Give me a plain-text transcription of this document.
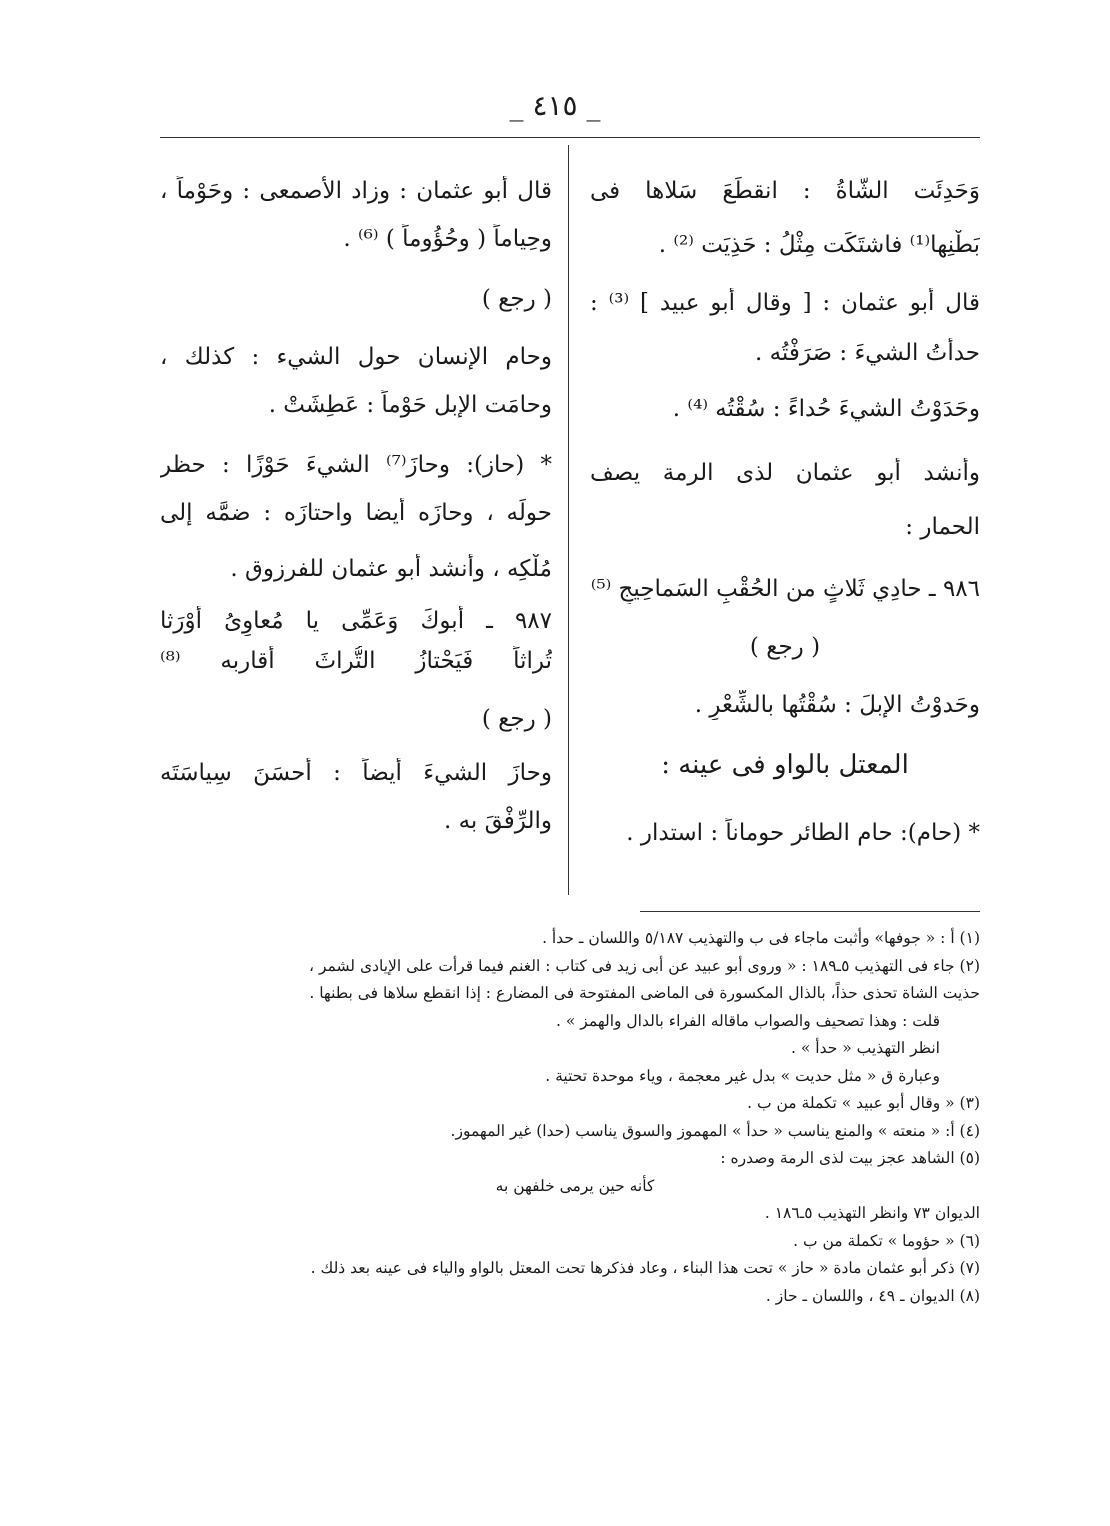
_ ٤١٥ _
وَحَدِئَت الشّاةُ : انقطَعَ سَلاها فى
بَطْنِها⁽¹⁾ فاشتَكَت مِثْلُ : حَذِيَت ⁽²⁾ .
قال أبو عثمان : [ وقال أبو عبيد ] ⁽³⁾ :
حدأتُ الشيءَ : صَرَفْتُه .
وحَدَوْتُ الشيءَ حُداءً : سُقْتُه ⁽⁴⁾ .
وأنشد أبو عثمان لذى الرمة يصف
الحمار :
٩٨٦ ـ حادِي ثَلاثٍ من الحُقْبِ السَماحِيجِ ⁽⁵⁾
( رجع )
وحَدوْتُ الإبلَ : سُقْتُها بالشِّعْرِ .
المعتل بالواو فى عينه :
* (حام): حام الطائر حوماناً : استدار .
قال أبو عثمان : وزاد الأصمعى : وحَوْماً ،
وحِياماً ( وحُؤُوماً ) ⁽⁶⁾ .
( رجع )
وحام الإنسان حول الشيء : كذلك ،
وحامَت الإبل حَوْماً : عَطِشَتْ .
* (حاز): وحازَ⁽⁷⁾ الشيءَ حَوْزًا : حظر
حولَه ، وحازَه أيضا واحتازَه : ضمَّه إلى
مُلْكِه ، وأنشد أبو عثمان للفرزوق .
٩٨٧ ـ أبوكَ وَعَمِّى يا مُعاوِىُ أَوْرَثا
تُراثاً فَيَحْتازُ التُّراثَ أقاربه ⁽⁸⁾
( رجع )
وحازَ الشيءَ أيضاً : أحسَنَ سِياسَتَه
والرِّفْقَ به .
(١) أ : « جوفها» وأثبت ماجاء فى ب والتهذيب ٥/١٨٧ واللسان ـ حدأ .
(٢) جاء فى التهذيب ٥ـ١٨٩ : « وروى أبو عبيد عن أبى زيد فى كتاب : الغنم فيما قرأت على الإيادى لشمر ،
حذيت الشاة تحذى حذاً، بالذال المكسورة فى الماضى المفتوحة فى المضارع : إذا انقطع سلاها فى بطنها .
قلت : وهذا تصحيف والصواب ماقاله الفراء بالدال والهمز » .
انظر التهذيب « حدأ » .
وعبارة ق « مثل حديت » بدل غير معجمة ، وياء موحدة تحتية .
(٣) « وقال أبو عبيد » تكملة من ب .
(٤) أ: « منعته » والمنع يناسب « حدأ » المهموز والسوق يناسب (حدا) غير المهموز.
(٥) الشاهد عجز بيت لذى الرمة وصدره :
كأنه حين يرمى خلفهن به
الديوان ٧٣ وانظر التهذيب ٥ـ١٨٦ .
(٦) « حؤوما » تكملة من ب .
(٧) ذكر أبو عثمان مادة « حاز » تحت هذا البناء ، وعاد فذكرها تحت المعتل بالواو والياء فى عينه بعد ذلك .
(٨) الديوان ـ ٤٩ ، واللسان ـ حاز .
